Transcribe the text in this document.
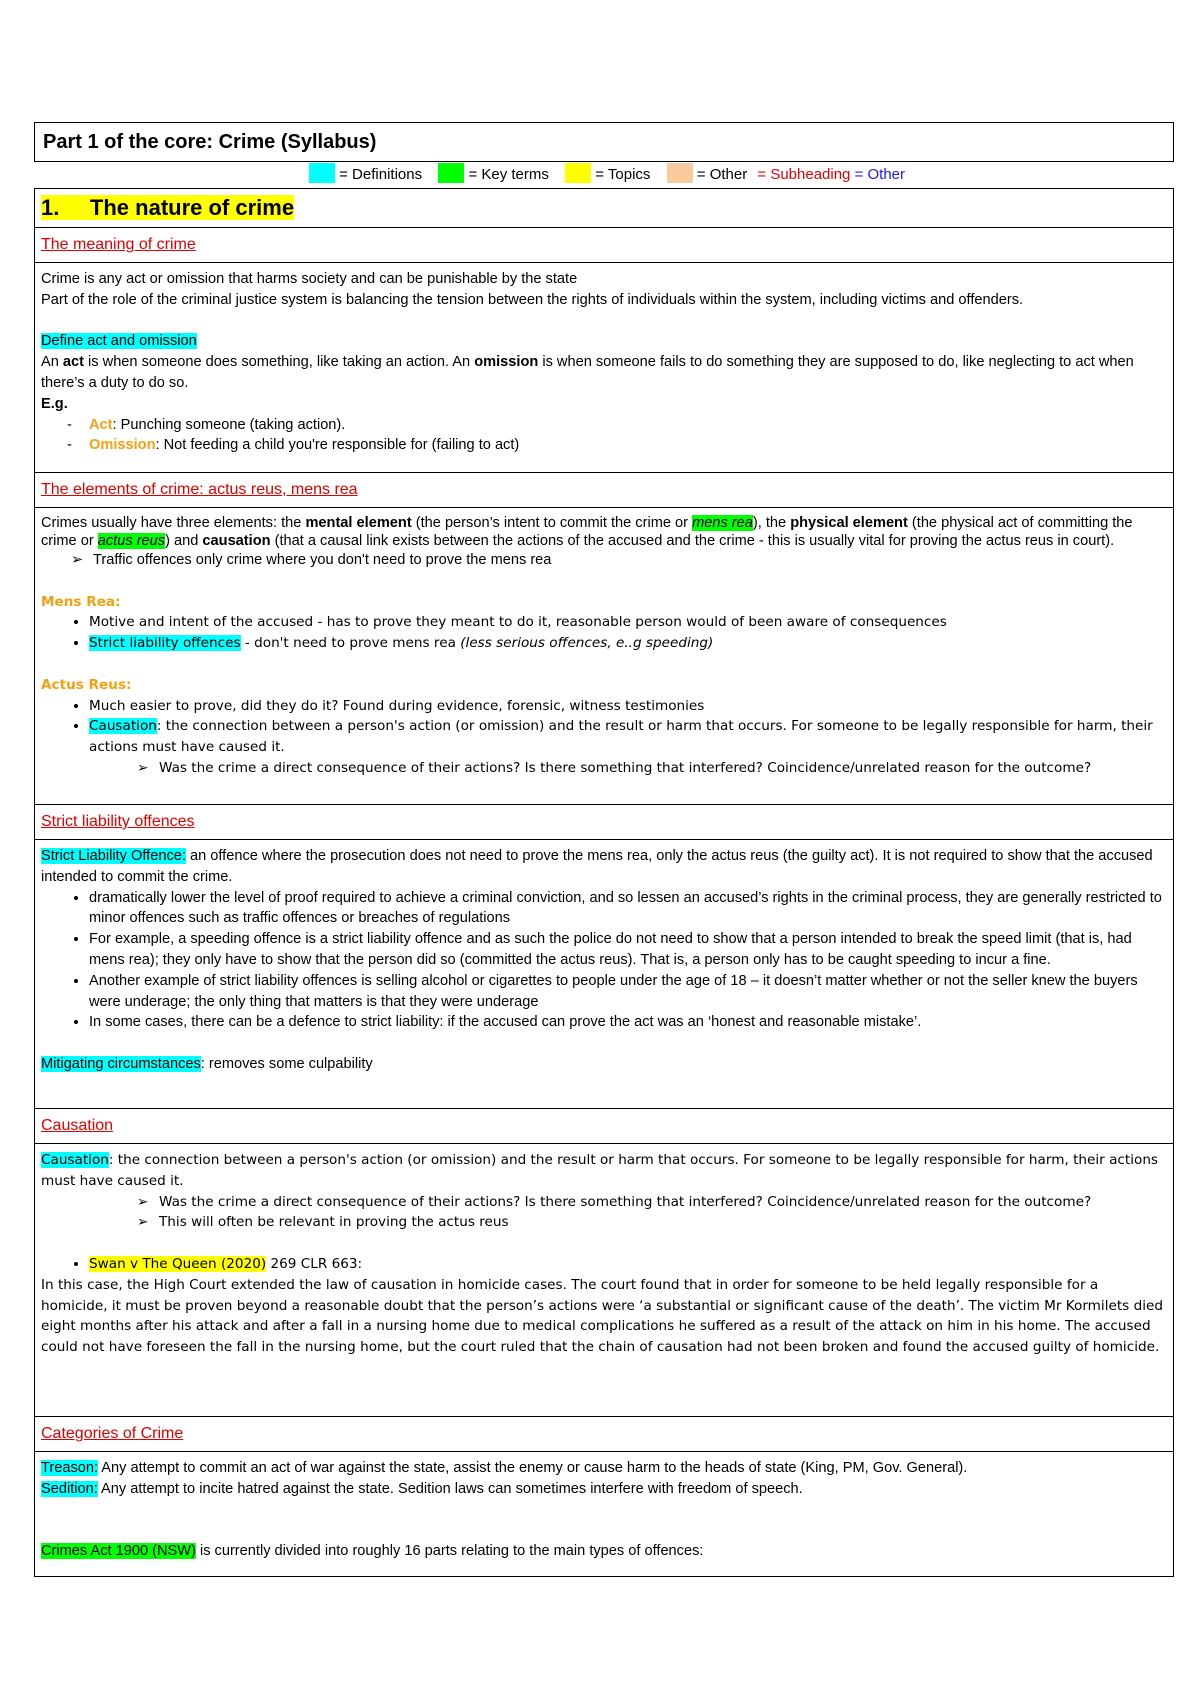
Part 1 of the core: Crime (Syllabus)
= Definitions	= Key terms	= Topics	= Other = Subheading = Other
1. The nature of crime

The meaning of crime

Crime is any act or omission that harms society and can be punishable by the state

Part of the role of the criminal justice system is balancing the tension between the rights of individuals within the system, including victims and offenders.

Define act and omission

An act is when someone does something, like taking an action. An omission is when someone fails to do something they are supposed to do, like neglecting to act when there’s a duty to do so.

E.g.

- Act: Punching someone (taking action).
- Omission: Not feeding a child you're responsible for (failing to act)

The elements of crime: actus reus, mens rea

Crimes usually have three elements: the mental element (the person’s intent to commit the crime or mens rea), the physical element (the physical act of committing the crime or actus reus) and causation (that a causal link exists between the actions of the accused and the crime - this is usually vital for proving the actus reus in court).

➢ Traffic offences only crime where you don't need to prove the mens rea

Mens Rea:

• Motive and intent of the accused - has to prove they meant to do it, reasonable person would of been aware of consequences
• Strict liability offences - don't need to prove mens rea (less serious offences, e..g speeding)

Actus Reus:

• Much easier to prove, did they do it? Found during evidence, forensic, witness testimonies
• Causation: the connection between a person's action (or omission) and the result or harm that occurs. For someone to be legally responsible for harm, their actions must have caused it.
➢ Was the crime a direct consequence of their actions? Is there something that interfered? Coincidence/unrelated reason for the outcome?

Strict liability offences

Strict Liability Offence: an offence where the prosecution does not need to prove the mens rea, only the actus reus (the guilty act). It is not required to show that the accused intended to commit the crime.

• dramatically lower the level of proof required to achieve a criminal conviction, and so lessen an accused’s rights in the criminal process, they are generally restricted to minor offences such as traffic offences or breaches of regulations
• For example, a speeding offence is a strict liability offence and as such the police do not need to show that a person intended to break the speed limit (that is, had mens rea); they only have to show that the person did so (committed the actus reus). That is, a person only has to be caught speeding to incur a fine.
• Another example of strict liability offences is selling alcohol or cigarettes to people under the age of 18 – it doesn’t matter whether or not the seller knew the buyers were underage; the only thing that matters is that they were underage
• In some cases, there can be a defence to strict liability: if the accused can prove the act was an ‘honest and reasonable mistake’.

Mitigating circumstances: removes some culpability

Causation

Causation: the connection between a person's action (or omission) and the result or harm that occurs. For someone to be legally responsible for harm, their actions must have caused it.

➢ Was the crime a direct consequence of their actions? Is there something that interfered? Coincidence/unrelated reason for the outcome?
➢ This will often be relevant in proving the actus reus
• Swan v The Queen (2020) 269 CLR 663:

In this case, the High Court extended the law of causation in homicide cases. The court found that in order for someone to be held legally responsible for a homicide, it must be proven beyond a reasonable doubt that the person’s actions were ‘a substantial or significant cause of the death’. The victim Mr Kormilets died eight months after his attack and after a fall in a nursing home due to medical complications he suffered as a result of the attack on him in his home. The accused could not have foreseen the fall in the nursing home, but the court ruled that the chain of causation had not been broken and found the accused guilty of homicide.

Categories of Crime

Treason: Any attempt to commit an act of war against the state, assist the enemy or cause harm to the heads of state (King, PM, Gov. General).

Sedition: Any attempt to incite hatred against the state. Sedition laws can sometimes interfere with freedom of speech.

Crimes Act 1900 (NSW) is currently divided into roughly 16 parts relating to the main types of offences:
